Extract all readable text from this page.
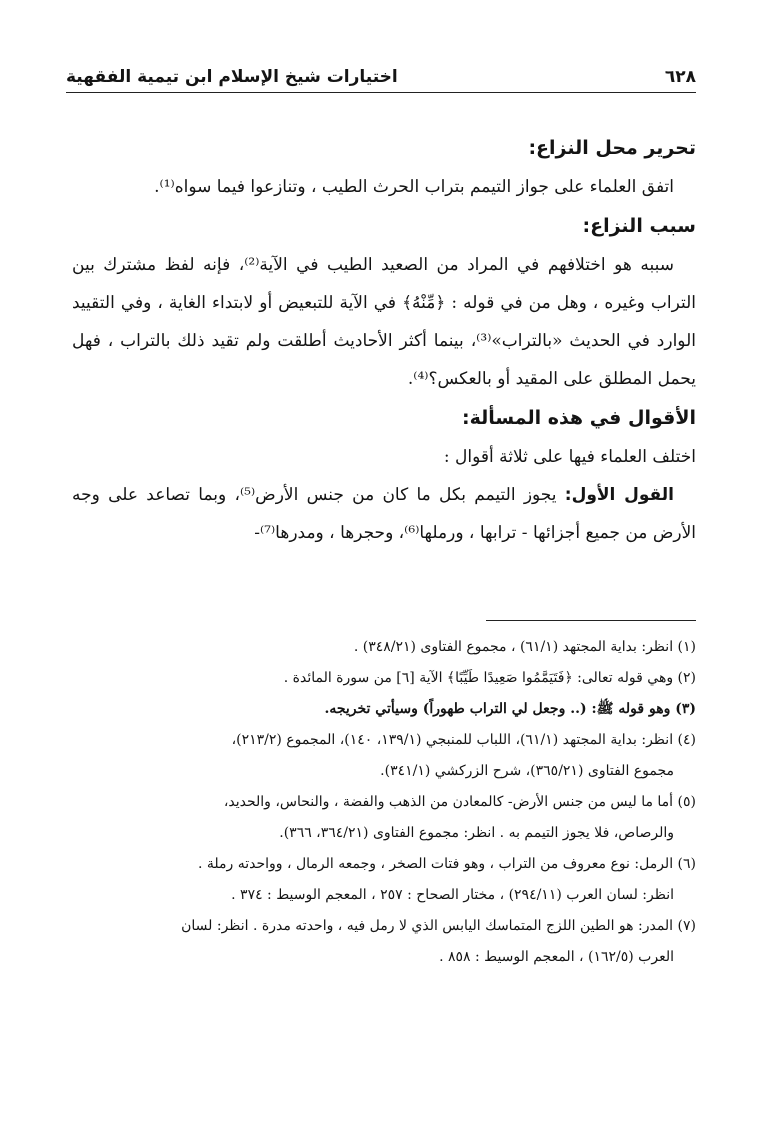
٦٢٨
اختيارات شيخ الإسلام ابن تيمية الفقهية
تحرير محل النزاع:

اتفق العلماء على جواز التيمم بتراب الحرث الطيب ، وتنازعوا فيما سواه⁽¹⁾.

سبب النزاع:

سببه هو اختلافهم في المراد من الصعيد الطيب في الآية⁽²⁾، فإنه لفظ مشترك بين التراب وغيره ، وهل من في قوله : ﴿مِّنْهُ﴾ في الآية للتبعيض أو لابتداء الغاية ، وفي التقييد الوارد في الحديث «بالتراب»⁽³⁾، بينما أكثر الأحاديث أطلقت ولم تقيد ذلك بالتراب ، فهل يحمل المطلق على المقيد أو بالعكس؟⁽⁴⁾.

الأقوال في هذه المسألة:

اختلف العلماء فيها على ثلاثة أقوال :

القول الأول: يجوز التيمم بكل ما كان من جنس الأرض⁽⁵⁾، وبما تصاعد على وجه الأرض من جميع أجزائها - ترابها ، ورملها⁽⁶⁾، وحجرها ، ومدرها⁽⁷⁾-

(١) انظر: بداية المجتهد (٦١/١) ، مجموع الفتاوى (٣٤٨/٢١) .

(٢) وهي قوله تعالى: ﴿فَتَيَمَّمُوا صَعِيدًا طَيِّبًا﴾ الآية [٦] من سورة المائدة .

(٣) وهو قوله ﷺ: (.. وجعل لي التراب طهوراً) وسيأتي تخريجه.

(٤) انظر: بداية المجتهد (٦١/١)، اللباب للمنبجي (١٣٩/١، ١٤٠)، المجموع (٢١٣/٢)،
مجموع الفتاوى (٣٦٥/٢١)، شرح الزركشي (٣٤١/١).

(٥) أما ما ليس من جنس الأرض- كالمعادن من الذهب والفضة ، والنحاس، والحديد،
والرصاص، فلا يجوز التيمم به . انظر: مجموع الفتاوى (٣٦٤/٢١، ٣٦٦).

(٦) الرمل: نوع معروف من التراب ، وهو فتات الصخر ، وجمعه الرمال ، وواحدته رملة .
انظر: لسان العرب (٢٩٤/١١) ، مختار الصحاح : ٢٥٧ ، المعجم الوسيط : ٣٧٤ .

(٧) المدر: هو الطين اللزج المتماسك اليابس الذي لا رمل فيه ، واحدته مدرة . انظر: لسان
العرب (١٦٢/٥) ، المعجم الوسيط : ٨٥٨ .
